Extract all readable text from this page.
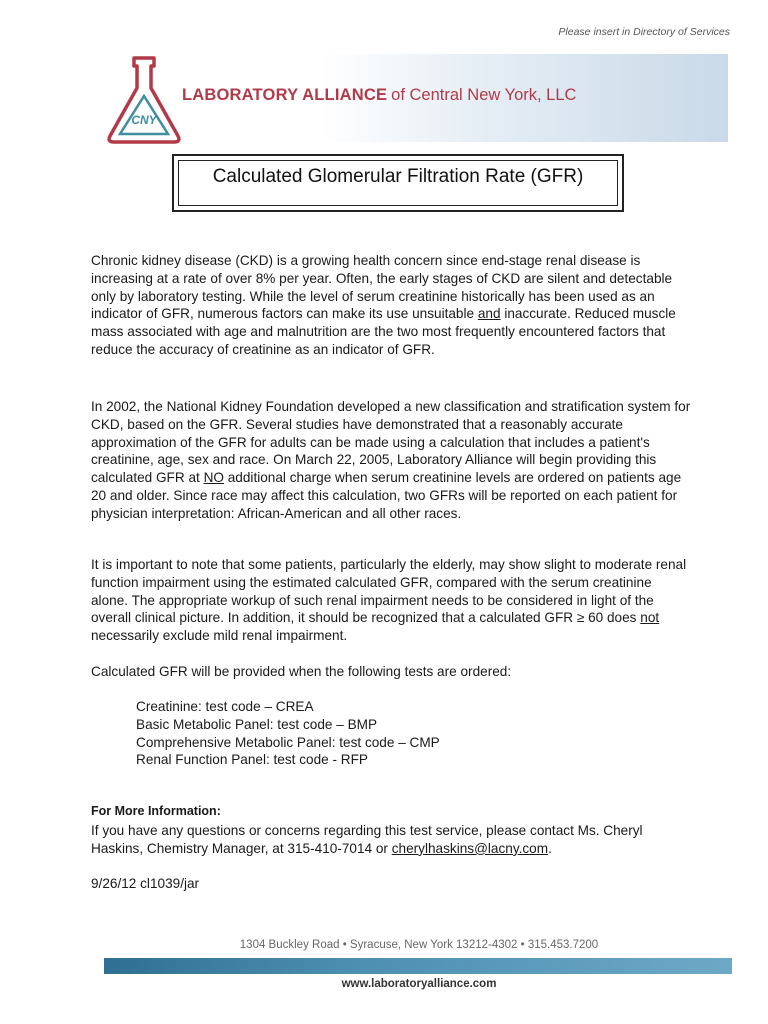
Please insert in Directory of Services
CNY
LABORATORY ALLIANCE of Central New York, LLC
Calculated Glomerular Filtration Rate (GFR)

Chronic kidney disease (CKD) is a growing health concern since end-stage renal disease is increasing at a rate of over 8% per year. Often, the early stages of CKD are silent and detectable only by laboratory testing. While the level of serum creatinine historically has been used as an indicator of GFR, numerous factors can make its use unsuitable and inaccurate. Reduced muscle mass associated with age and malnutrition are the two most frequently encountered factors that reduce the accuracy of creatinine as an indicator of GFR.

In 2002, the National Kidney Foundation developed a new classification and stratification system for CKD, based on the GFR. Several studies have demonstrated that a reasonably accurate approximation of the GFR for adults can be made using a calculation that includes a patient's creatinine, age, sex and race. On March 22, 2005, Laboratory Alliance will begin providing this calculated GFR at NO additional charge when serum creatinine levels are ordered on patients age 20 and older. Since race may affect this calculation, two GFRs will be reported on each patient for physician interpretation: African-American and all other races.

It is important to note that some patients, particularly the elderly, may show slight to moderate renal function impairment using the estimated calculated GFR, compared with the serum creatinine alone. The appropriate workup of such renal impairment needs to be considered in light of the overall clinical picture. In addition, it should be recognized that a calculated GFR ≥ 60 does not necessarily exclude mild renal impairment.

Calculated GFR will be provided when the following tests are ordered:

Creatinine: test code – CREA
Basic Metabolic Panel: test code – BMP
Comprehensive Metabolic Panel: test code – CMP
Renal Function Panel: test code - RFP
For More Information:

If you have any questions or concerns regarding this test service, please contact Ms. Cheryl Haskins, Chemistry Manager, at 315-410-7014 or cherylhaskins@lacny.com.

9/26/12 cl1039/jar
1304 Buckley Road • Syracuse, New York 13212-4302 • 315.453.7200
www.laboratoryalliance.com
